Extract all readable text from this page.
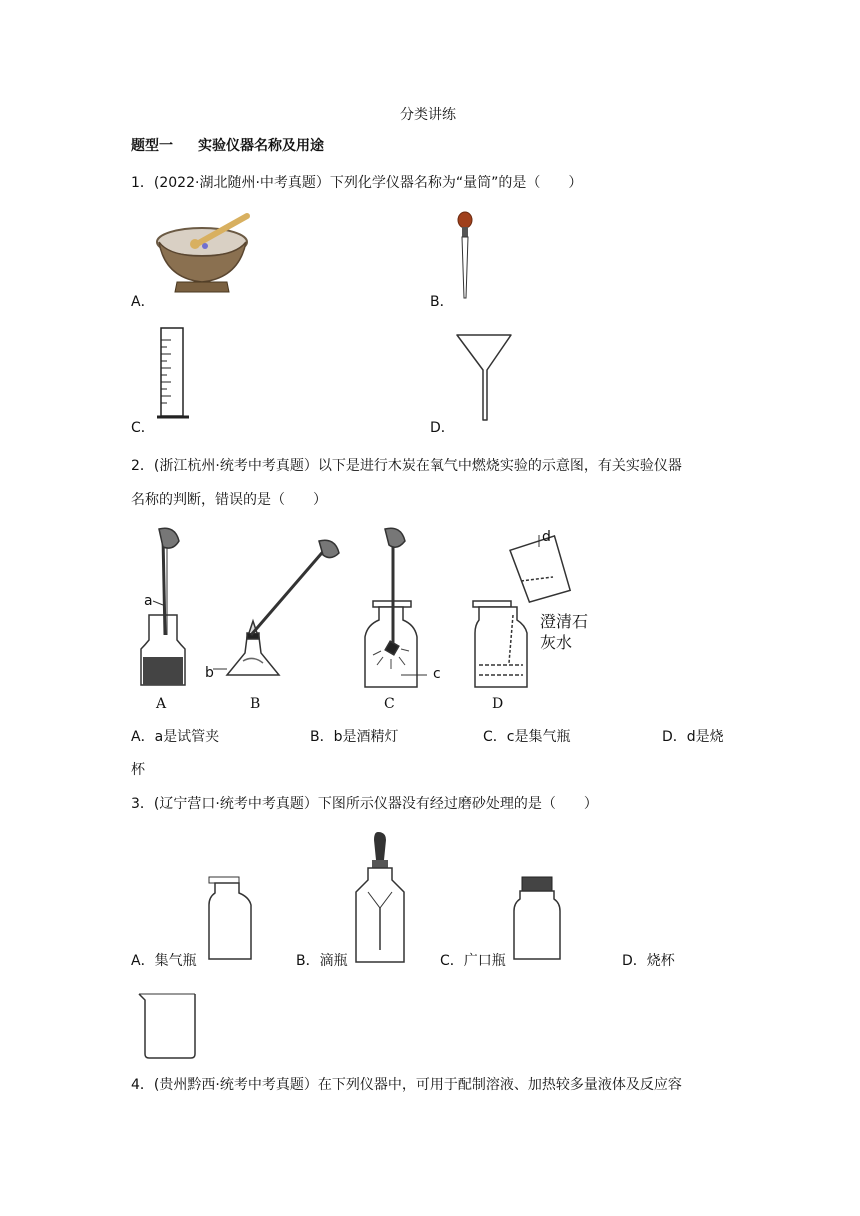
分类讲练
题型一 实验仪器名称及用途
1．(2022·湖北随州·中考真题）下列化学仪器名称为“量筒”的是（　　）
A．	B．
C．	D．
2．(浙江杭州·统考中考真题）以下是进行木炭在氧气中燃烧实验的示意图，有关实验仪器
名称的判断，错误的是（　　）
a
b	c
d
澄清石
灰水
A	B	C	D
A．a是试管夹	B．b是酒精灯	C．c是集气瓶	D．d是烧
杯
3．(辽宁营口·统考中考真题）下图所示仪器没有经过磨砂处理的是（　　）
A．集气瓶	B．滴瓶	C．广口瓶	D．烧杯
4．(贵州黔西·统考中考真题）在下列仪器中，可用于配制溶液、加热较多量液体及反应容
